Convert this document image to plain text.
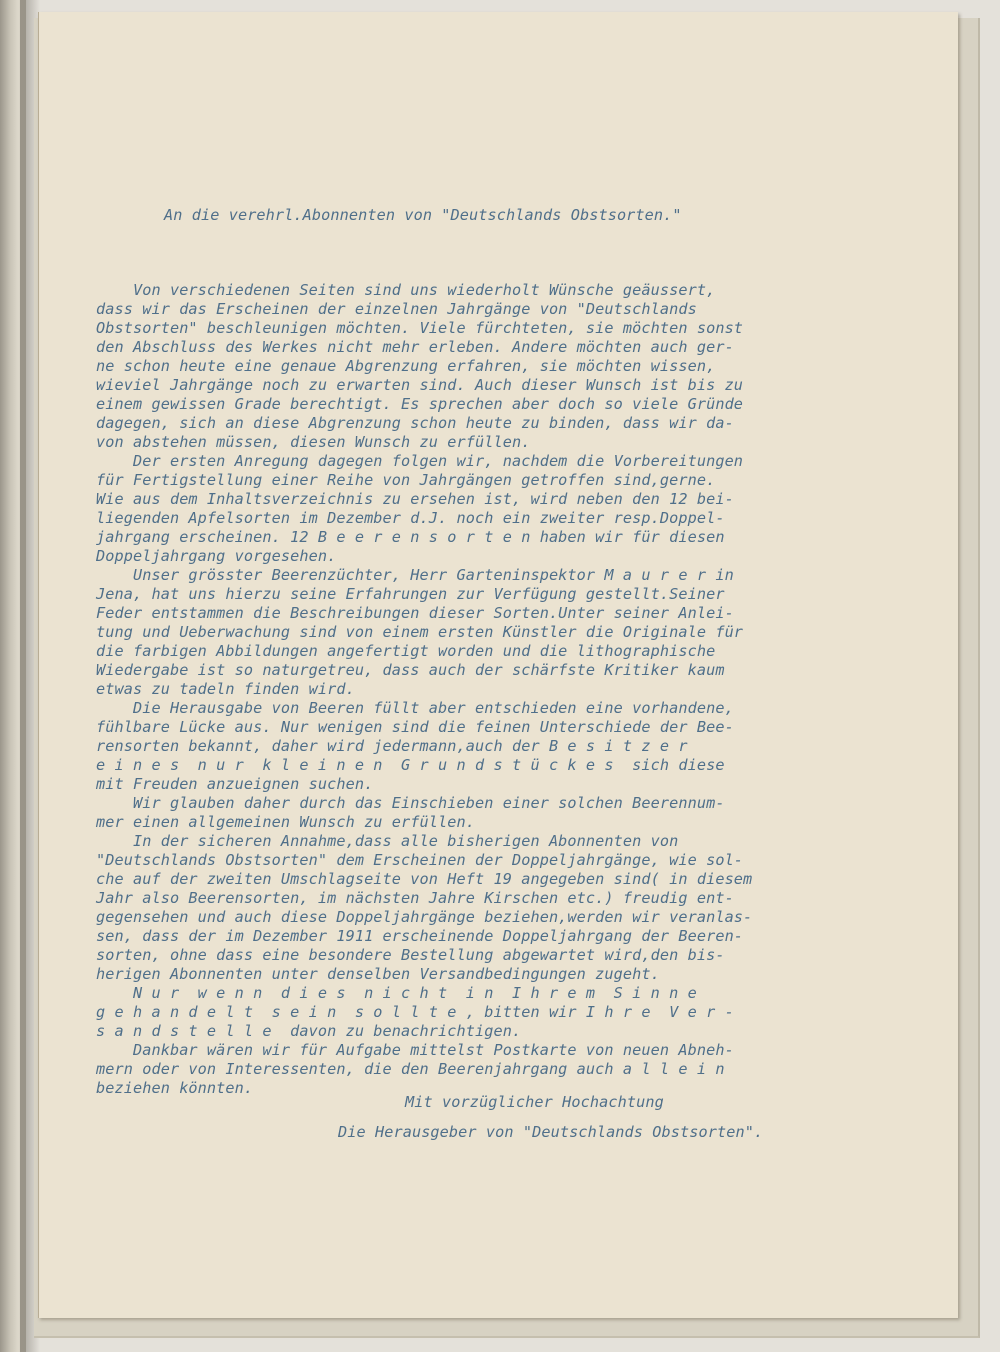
An die verehrl.Abonnenten von "Deutschlands Obstsorten."
Von verschiedenen Seiten sind uns wiederholt Wünsche geäussert,
dass wir das Erscheinen der einzelnen Jahrgänge von "Deutschlands
Obstsorten" beschleunigen möchten. Viele fürchteten, sie möchten sonst
den Abschluss des Werkes nicht mehr erleben. Andere möchten auch ger-
ne schon heute eine genaue Abgrenzung erfahren, sie möchten wissen,
wieviel Jahrgänge noch zu erwarten sind. Auch dieser Wunsch ist bis zu
einem gewissen Grade berechtigt. Es sprechen aber doch so viele Gründe
dagegen, sich an diese Abgrenzung schon heute zu binden, dass wir da-
von abstehen müssen, diesen Wunsch zu erfüllen.
Der ersten Anregung dagegen folgen wir, nachdem die Vorbereitungen
für Fertigstellung einer Reihe von Jahrgängen getroffen sind,gerne.
Wie aus dem Inhaltsverzeichnis zu ersehen ist, wird neben den 12 bei-
liegenden Apfelsorten im Dezember d.J. noch ein zweiter resp.Doppel-
jahrgang erscheinen. 12 B e e r e n s o r t e n haben wir für diesen
Doppeljahrgang vorgesehen.
Unser grösster Beerenzüchter, Herr Garteninspektor M a u r e r in
Jena, hat uns hierzu seine Erfahrungen zur Verfügung gestellt.Seiner
Feder entstammen die Beschreibungen dieser Sorten.Unter seiner Anlei-
tung und Ueberwachung sind von einem ersten Künstler die Originale für
die farbigen Abbildungen angefertigt worden und die lithographische
Wiedergabe ist so naturgetreu, dass auch der schärfste Kritiker kaum
etwas zu tadeln finden wird.
Die Herausgabe von Beeren füllt aber entschieden eine vorhandene,
fühlbare Lücke aus. Nur wenigen sind die feinen Unterschiede der Bee-
rensorten bekannt, daher wird jedermann,auch der B e s i t z e r
e i n e s  n u r  k l e i n e n  G r u n d s t ü c k e s  sich diese
mit Freuden anzueignen suchen.
Wir glauben daher durch das Einschieben einer solchen Beerennum-
mer einen allgemeinen Wunsch zu erfüllen.
In der sicheren Annahme,dass alle bisherigen Abonnenten von
"Deutschlands Obstsorten" dem Erscheinen der Doppeljahrgänge, wie sol-
che auf der zweiten Umschlagseite von Heft 19 angegeben sind( in diesem
Jahr also Beerensorten, im nächsten Jahre Kirschen etc.) freudig ent-
gegensehen und auch diese Doppeljahrgänge beziehen,werden wir veranlas-
sen, dass der im Dezember 1911 erscheinende Doppeljahrgang der Beeren-
sorten, ohne dass eine besondere Bestellung abgewartet wird,den bis-
herigen Abonnenten unter denselben Versandbedingungen zugeht.
N u r  w e n n  d i e s  n i c h t  i n  I h r e m  S i n n e
g e h a n d e l t  s e i n  s o l l t e , bitten wir I h r e  V e r -
s a n d s t e l l e  davon zu benachrichtigen.
Dankbar wären wir für Aufgabe mittelst Postkarte von neuen Abneh-
mern oder von Interessenten, die den Beerenjahrgang auch a l l e i n
beziehen könnten.
Mit vorzüglicher Hochachtung
Die Herausgeber von "Deutschlands Obstsorten".
